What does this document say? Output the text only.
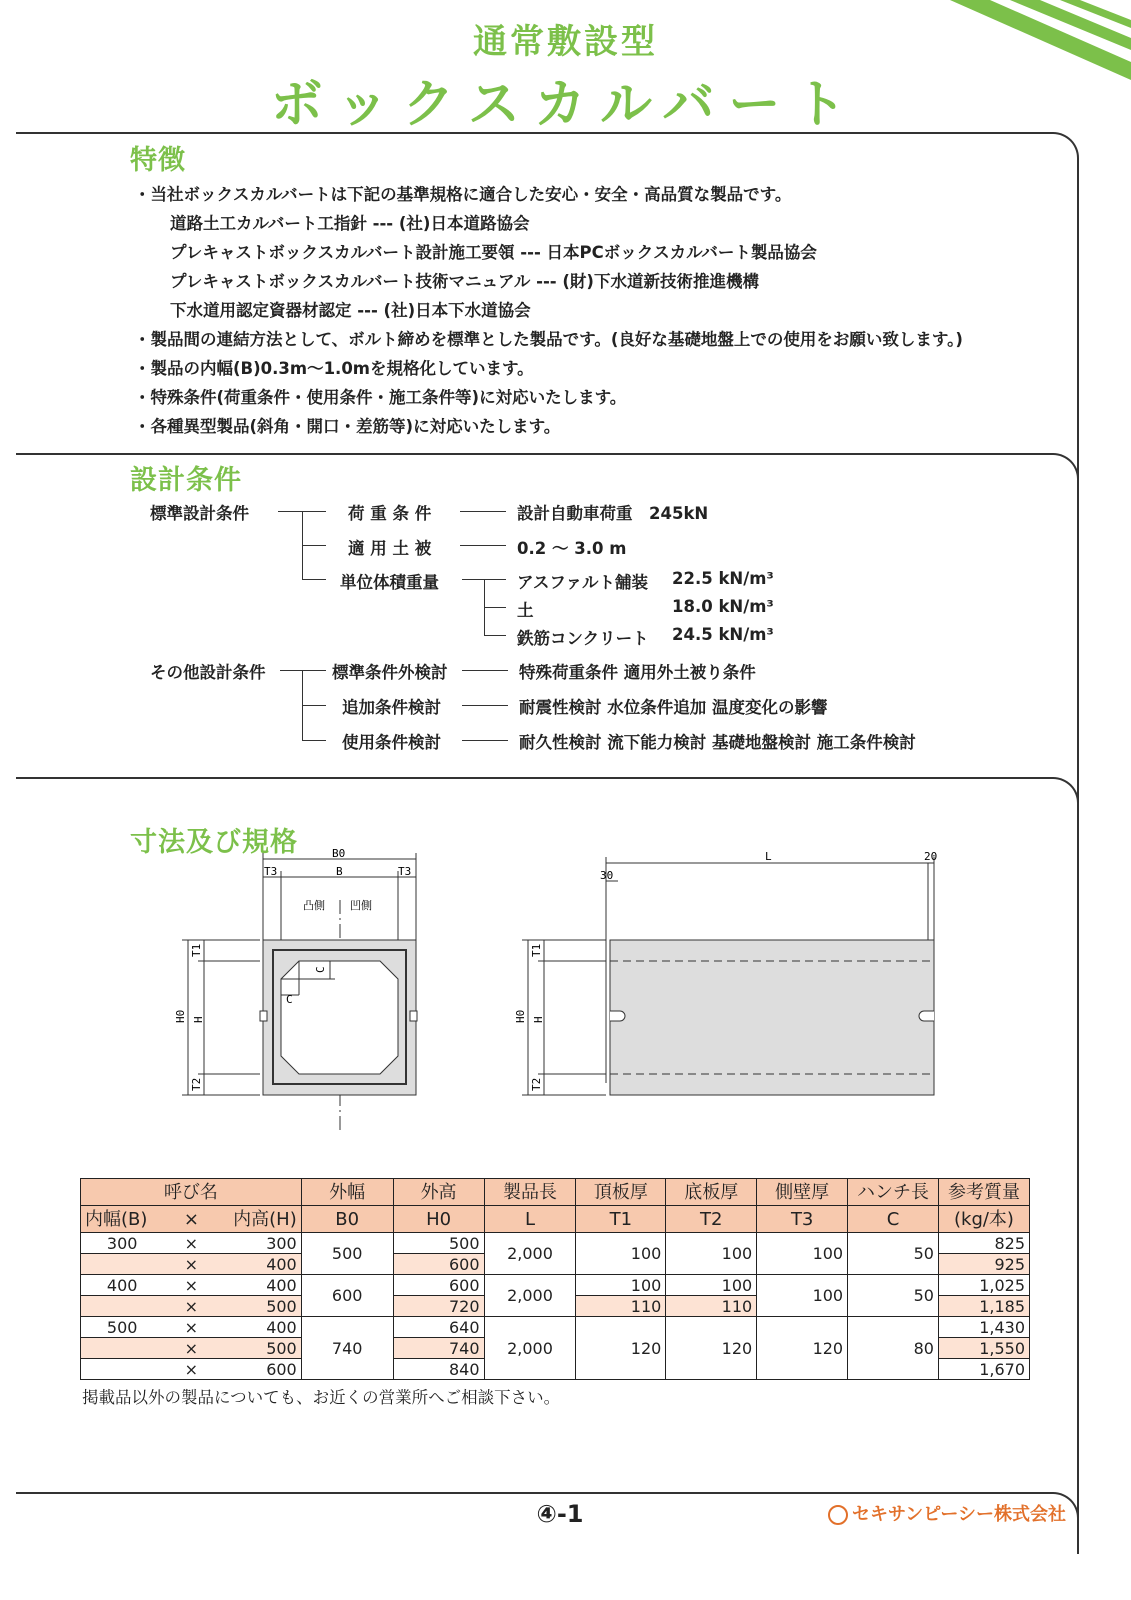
通常敷設型
ボックスカルバート
特徴
・当社ボックスカルバートは下記の基準規格に適合した安心・安全・高品質な製品です。
道路土工カルバート工指針 --- (社)日本道路協会
プレキャストボックスカルバート設計施工要領 --- 日本PCボックスカルバート製品協会
プレキャストボックスカルバート技術マニュアル --- (財)下水道新技術推進機構
下水道用認定資器材認定 --- (社)日本下水道協会
・製品間の連結方法として、ボルト締めを標準とした製品です。(良好な基礎地盤上での使用をお願い致します。)
・製品の内幅(B)0.3m〜1.0mを規格化しています。
・特殊条件(荷重条件・使用条件・施工条件等)に対応いたします。
・各種異型製品(斜角・開口・差筋等)に対応いたします。
設計条件
標準設計条件	荷 重 条 件	設計自動車荷重　245kN
適 用 土 被	0.2 ～ 3.0 m
単位体積重量	アスファルト舗装 22.5 kN/m³
土	18.0 kN/m³
鉄筋コンクリート 24.5 kN/m³
その他設計条件	標準条件外検討	特殊荷重条件 適用外土被り条件
追加条件検討	耐震性検討 水位条件追加 温度変化の影響
使用条件検討	耐久性検討 流下能力検討 基礎地盤検討 施工条件検討
寸法及び規格	B0
T3	B	T3
凸側 凹側
T1
H0 H
T2
C
C
L	20
30
T1
H0 H
T2
呼び名			外幅	外高	製品長	頂板厚	底板厚	側壁厚	ハンチ長	参考質量
内幅(B)	×	内高(H)	B0	H0	L	T1	T2	T3	C	(kg/本)
300	×	300	500	500	2,000	100	100	100	50	825
	×	400		600						925
400	×	400	600	600	2,000	100	100	100	50	1,025
	×	500		720		110	110			1,185
500	×	400	740	640	2,000	120	120	120	80	1,430
	×	500		740						1,550
	×	600		840						1,670
掲載品以外の製品についても、お近くの営業所へご相談下さい。
④-1	セキサンピーシー株式会社
